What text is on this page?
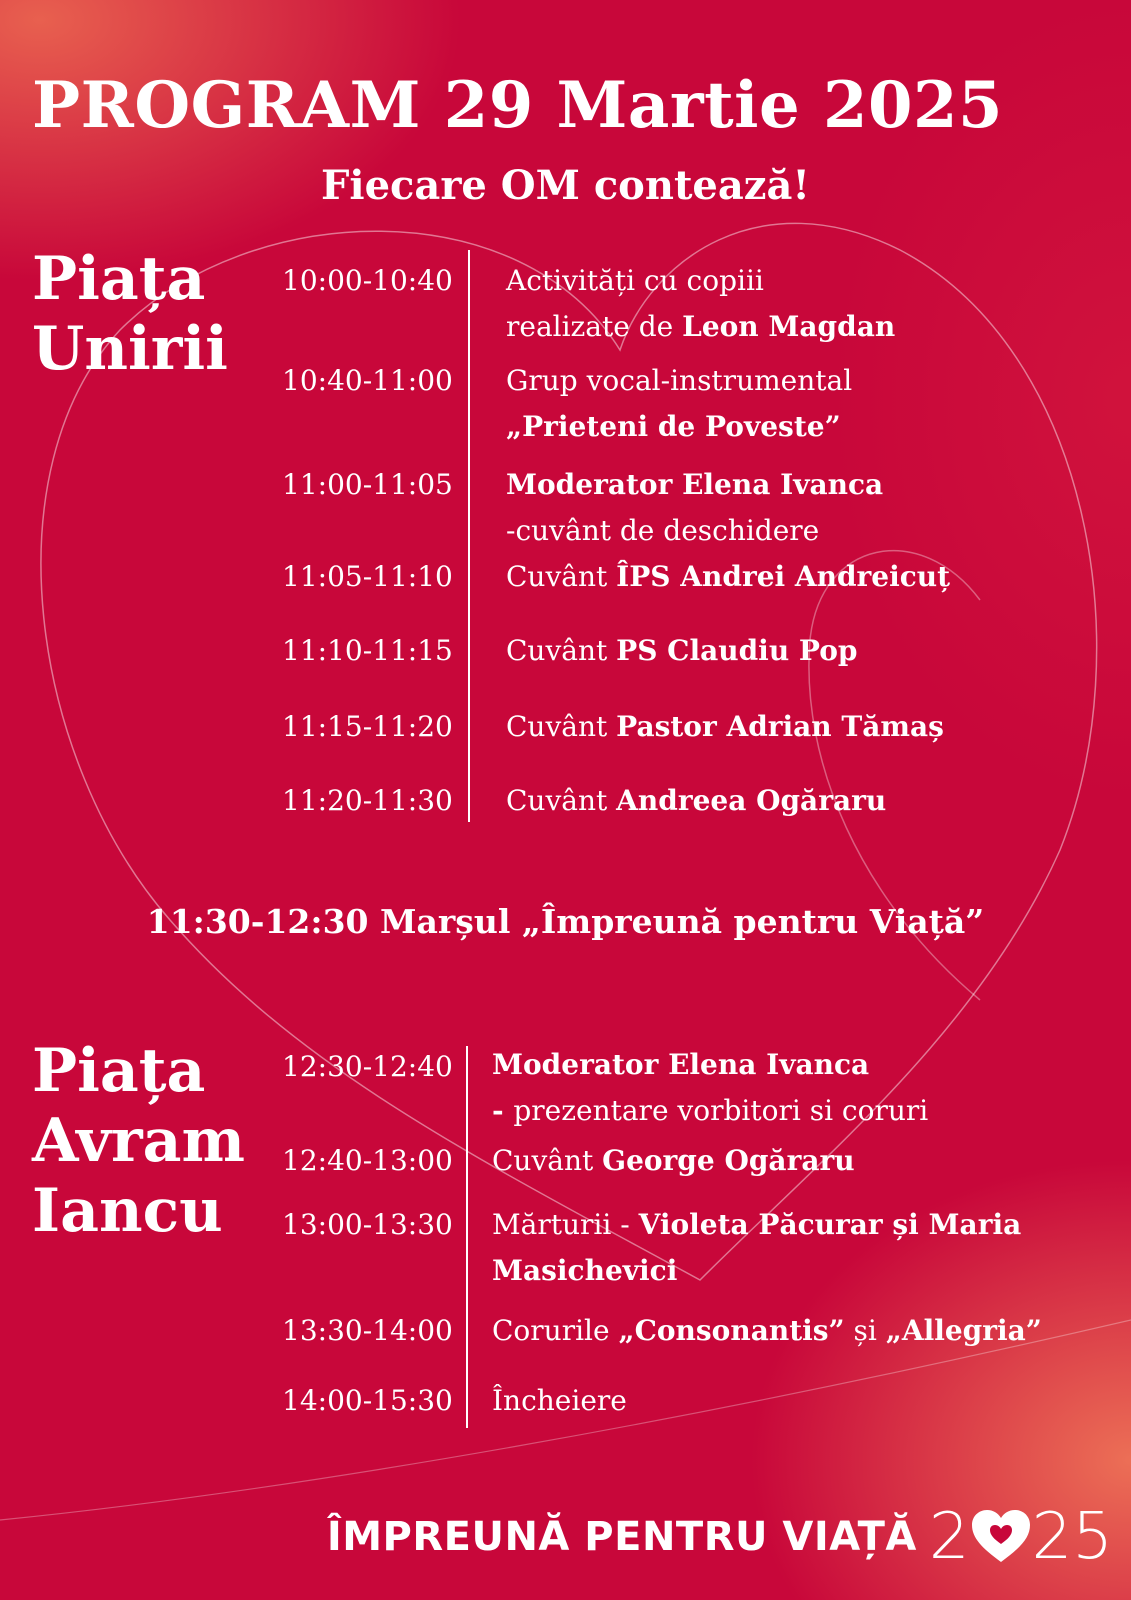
PROGRAM 29 Martie 2025
Fiecare OM contează!
Piața
Unirii
10:00-10:40 Activități cu copiii
realizate de Leon Magdan
10:40-11:00 Grup vocal-instrumental
„Prieteni de Poveste”
11:00-11:05 Moderator Elena Ivanca
-cuvânt de deschidere
11:05-11:10 Cuvânt ÎPS Andrei Andreicuț
11:10-11:15 Cuvânt PS Claudiu Pop
11:15-11:20 Cuvânt Pastor Adrian Tămaș
11:20-11:30 Cuvânt Andreea Ogăraru
11:30-12:30 Marșul „Împreună pentru Viață”
Piața
Avram
Iancu
12:30-12:40 Moderator Elena Ivanca
- prezentare vorbitori si coruri
12:40-13:00 Cuvânt George Ogăraru
13:00-13:30 Mărturii - Violeta Păcurar și Maria
Masichevici
13:30-14:00 Corurile „Consonantis” și „Allegria”
14:00-15:30 Încheiere
ÎMPREUNĂ PENTRU VIAȚĂ 2 25
